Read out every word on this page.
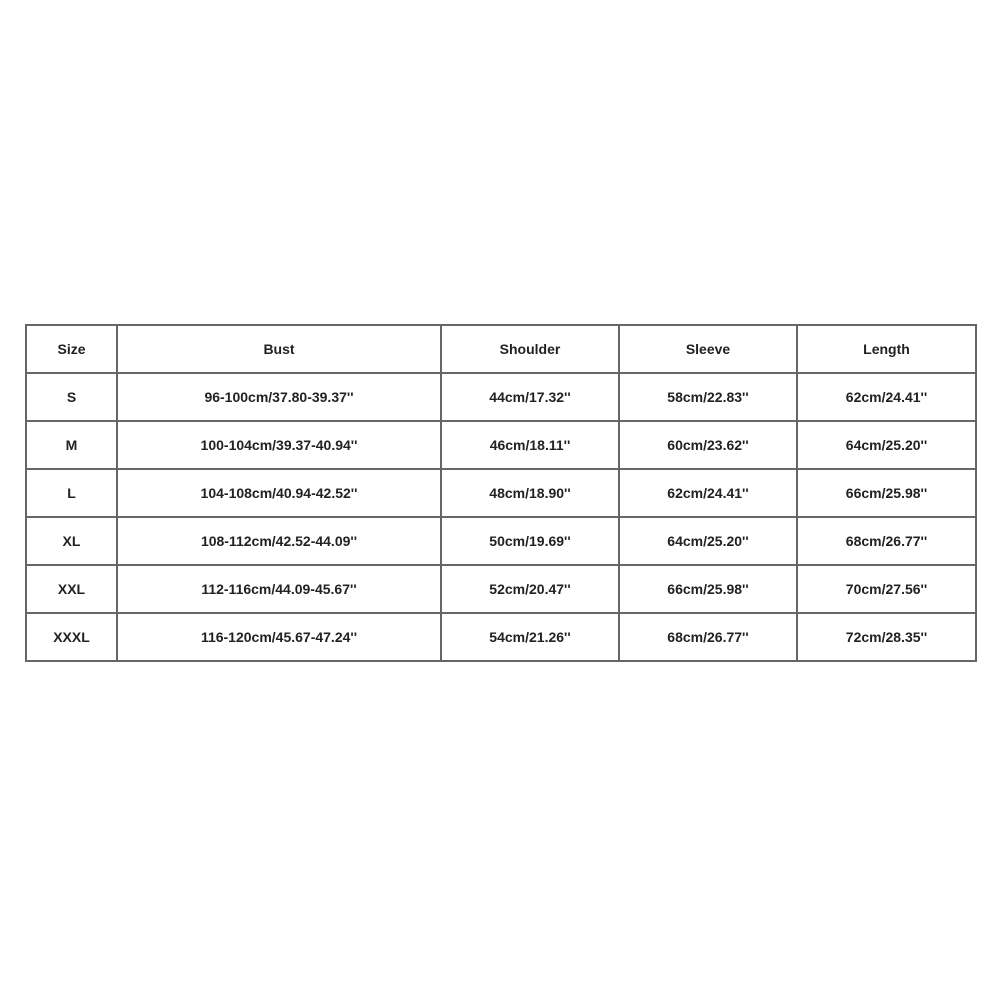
Size	Bust	Shoulder	Sleeve	Length
S	96-100cm/37.80-39.37''	44cm/17.32''	58cm/22.83''	62cm/24.41''
M	100-104cm/39.37-40.94''	46cm/18.11''	60cm/23.62''	64cm/25.20''
L	104-108cm/40.94-42.52''	48cm/18.90''	62cm/24.41''	66cm/25.98''
XL	108-112cm/42.52-44.09''	50cm/19.69''	64cm/25.20''	68cm/26.77''
XXL	112-116cm/44.09-45.67''	52cm/20.47''	66cm/25.98''	70cm/27.56''
XXXL	116-120cm/45.67-47.24''	54cm/21.26''	68cm/26.77''	72cm/28.35''
